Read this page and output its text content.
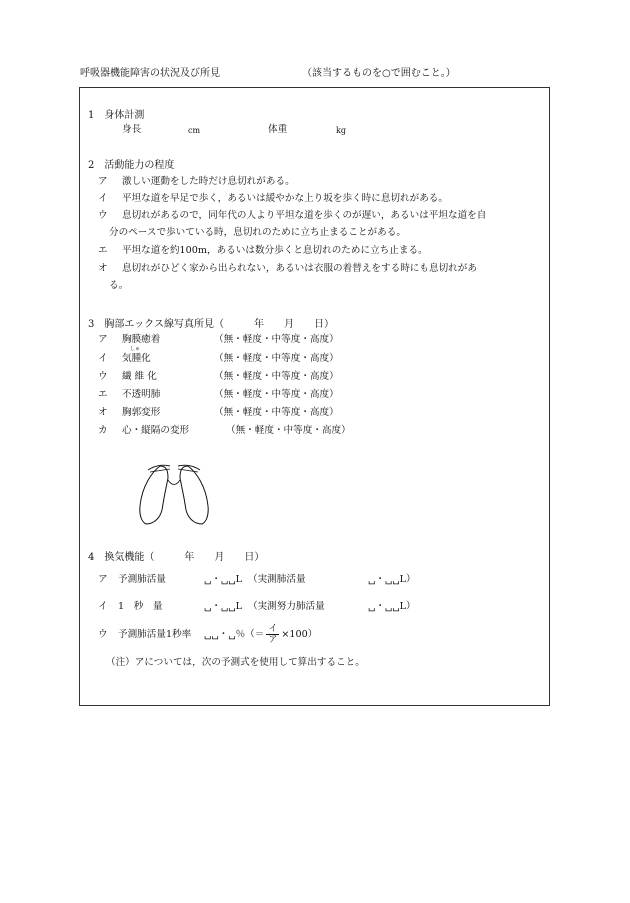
呼吸器機能障害の状況及び所見	（該当するものを○で囲むこと。）
1　身体計測
身長	cm	体重	kg
2　活動能力の程度
ア 激しい運動をした時だけ息切れがある。
イ 平坦な道を早足で歩く，あるいは緩やかな上り坂を歩く時に息切れがある。
ウ 息切れがあるので，同年代の人より平坦な道を歩くのが遅い，あるいは平坦な道を自
分のペースで歩いている時，息切れのために立ち止まることがある。
エ 平坦な道を約100m，あるいは数分歩くと息切れのために立ち止まる。
オ 息切れがひどく家から出られない，あるいは衣服の着替えをする時にも息切れがあ
る。
3　胸部エックス線写真所見（　　　年　　月　　日）
ア 胸膜癒着	（無・軽度・中等度・高度）
イ
しゅ
気腫化	（無・軽度・中等度・高度）
ウ 繊 維 化	（無・軽度・中等度・高度）
エ 不透明肺	（無・軽度・中等度・高度）
オ 胸郭変形	（無・軽度・中等度・高度）
カ 心・縦隔の変形	（無・軽度・中等度・高度）
4　換気機能（　　　年　　月　　日）
ア 予測肺活量	␣・␣␣L （実測肺活量	␣・␣␣L）
イ 1　秒　量	␣・␣␣L （実測努力肺活量	␣・␣␣L）
ウ 予測肺活量1秒率 ␣␣・␣％（＝ $\frac{\text{イ}}{\text{ア}} \times 100$）
（注）アについては，次の予測式を使用して算出すること。
